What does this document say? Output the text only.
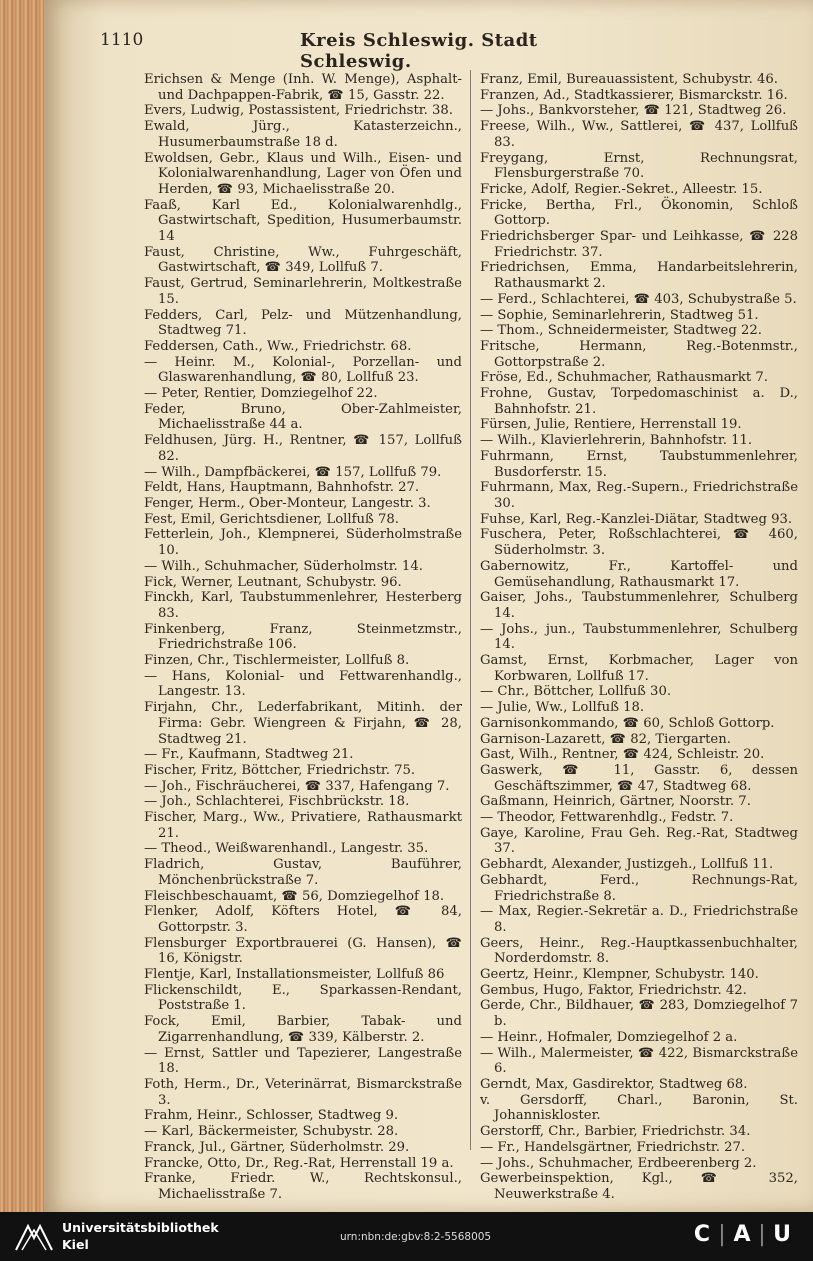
1110	Kreis Schleswig. Stadt Schleswig.

Erichsen & Menge (Inh. W. Menge), Asphalt- und Dachpappen-Fabrik, ☎ 15, Gasstr. 22.

Evers, Ludwig, Postassistent, Friedrichstr. 38.

Ewald, Jürg., Katasterzeichn., Husumerbaumstraße 18 d.

Ewoldsen, Gebr., Klaus und Wilh., Eisen- und Kolonialwarenhandlung, Lager von Öfen und Herden, ☎ 93, Michaelisstraße 20.

Faaß, Karl Ed., Kolonialwarenhdlg., Gastwirtschaft, Spedition, Husumerbaumstr. 14

Faust, Christine, Ww., Fuhrgeschäft, Gastwirtschaft, ☎ 349, Lollfuß 7.

Faust, Gertrud, Seminarlehrerin, Moltkestraße 15.

Fedders, Carl, Pelz- und Mützenhandlung, Stadtweg 71.

Feddersen, Cath., Ww., Friedrichstr. 68.

— Heinr. M., Kolonial-, Porzellan- und Glaswarenhandlung, ☎ 80, Lollfuß 23.

— Peter, Rentier, Domziegelhof 22.

Feder, Bruno, Ober-Zahlmeister, Michaelisstraße 44 a.

Feldhusen, Jürg. H., Rentner, ☎ 157, Lollfuß 82.

— Wilh., Dampfbäckerei, ☎ 157, Lollfuß 79.

Feldt, Hans, Hauptmann, Bahnhofstr. 27.

Fenger, Herm., Ober-Monteur, Langestr. 3.

Fest, Emil, Gerichtsdiener, Lollfuß 78.

Fetterlein, Joh., Klempnerei, Süderholmstraße 10.

— Wilh., Schuhmacher, Süderholmstr. 14.

Fick, Werner, Leutnant, Schubystr. 96.

Finckh, Karl, Taubstummenlehrer, Hesterberg 83.

Finkenberg, Franz, Steinmetzmstr., Friedrichstraße 106.

Finzen, Chr., Tischlermeister, Lollfuß 8.

— Hans, Kolonial- und Fettwarenhandlg., Langestr. 13.

Firjahn, Chr., Lederfabrikant, Mitinh. der Firma: Gebr. Wiengreen & Firjahn, ☎ 28, Stadtweg 21.

— Fr., Kaufmann, Stadtweg 21.

Fischer, Fritz, Böttcher, Friedrichstr. 75.

— Joh., Fischräucherei, ☎ 337, Hafengang 7.

— Joh., Schlachterei, Fischbrückstr. 18.

Fischer, Marg., Ww., Privatiere, Rathausmarkt 21.

— Theod., Weißwarenhandl., Langestr. 35.

Fladrich, Gustav, Bauführer, Mönchenbrückstraße 7.

Fleischbeschauamt, ☎ 56, Domziegelhof 18.

Flenker, Adolf, Köfters Hotel, ☎ 84, Gottorpstr. 3.

Flensburger Exportbrauerei (G. Hansen), ☎ 16, Königstr.

Flentje, Karl, Installationsmeister, Lollfuß 86

Flickenschildt, E., Sparkassen-Rendant, Poststraße 1.

Fock, Emil, Barbier, Tabak- und Zigarrenhandlung, ☎ 339, Kälberstr. 2.

— Ernst, Sattler und Tapezierer, Langestraße 18.

Foth, Herm., Dr., Veterinärrat, Bismarckstraße 3.

Frahm, Heinr., Schlosser, Stadtweg 9.

— Karl, Bäckermeister, Schubystr. 28.

Franck, Jul., Gärtner, Süderholmstr. 29.

Francke, Otto, Dr., Reg.-Rat, Herrenstall 19 a.

Franke, Friedr. W., Rechtskonsul., Michaelisstraße 7.

Franz, Emil, Bureauassistent, Schubystr. 46.

Franzen, Ad., Stadtkassierer, Bismarckstr. 16.

— Johs., Bankvorsteher, ☎ 121, Stadtweg 26.

Freese, Wilh., Ww., Sattlerei, ☎ 437, Lollfuß 83.

Freygang, Ernst, Rechnungsrat, Flensburgerstraße 70.

Fricke, Adolf, Regier.-Sekret., Alleestr. 15.

Fricke, Bertha, Frl., Ökonomin, Schloß Gottorp.

Friedrichsberger Spar- und Leihkasse, ☎ 228 Friedrichstr. 37.

Friedrichsen, Emma, Handarbeitslehrerin, Rathausmarkt 2.

— Ferd., Schlachterei, ☎ 403, Schubystraße 5.

— Sophie, Seminarlehrerin, Stadtweg 51.

— Thom., Schneidermeister, Stadtweg 22.

Fritsche, Hermann, Reg.-Botenmstr., Gottorpstraße 2.

Fröse, Ed., Schuhmacher, Rathausmarkt 7.

Frohne, Gustav, Torpedomaschinist a. D., Bahnhofstr. 21.

Fürsen, Julie, Rentiere, Herrenstall 19.

— Wilh., Klavierlehrerin, Bahnhofstr. 11.

Fuhrmann, Ernst, Taubstummenlehrer, Busdorferstr. 15.

Fuhrmann, Max, Reg.-Supern., Friedrichstraße 30.

Fuhse, Karl, Reg.-Kanzlei-Diätar, Stadtweg 93.

Fuschera, Peter, Roßschlachterei, ☎ 460, Süderholmstr. 3.

Gabernowitz, Fr., Kartoffel- und Gemüsehandlung, Rathausmarkt 17.

Gaiser, Johs., Taubstummenlehrer, Schulberg 14.

— Johs., jun., Taubstummenlehrer, Schulberg 14.

Gamst, Ernst, Korbmacher, Lager von Korbwaren, Lollfuß 17.

— Chr., Böttcher, Lollfuß 30.

— Julie, Ww., Lollfuß 18.

Garnisonkommando, ☎ 60, Schloß Gottorp.

Garnison-Lazarett, ☎ 82, Tiergarten.

Gast, Wilh., Rentner, ☎ 424, Schleistr. 20.

Gaswerk, ☎ 11, Gasstr. 6, dessen Geschäftszimmer, ☎ 47, Stadtweg 68.

Gaßmann, Heinrich, Gärtner, Noorstr. 7.

— Theodor, Fettwarenhdlg., Fedstr. 7.

Gaye, Karoline, Frau Geh. Reg.-Rat, Stadtweg 37.

Gebhardt, Alexander, Justizgeh., Lollfuß 11.

Gebhardt, Ferd., Rechnungs-Rat, Friedrichstraße 8.

— Max, Regier.-Sekretär a. D., Friedrichstraße 8.

Geers, Heinr., Reg.-Hauptkassenbuchhalter, Norderdomstr. 8.

Geertz, Heinr., Klempner, Schubystr. 140.

Gembus, Hugo, Faktor, Friedrichstr. 42.

Gerde, Chr., Bildhauer, ☎ 283, Domziegelhof 7 b.

— Heinr., Hofmaler, Domziegelhof 2 a.

— Wilh., Malermeister, ☎ 422, Bismarckstraße 6.

Gerndt, Max, Gasdirektor, Stadtweg 68.

v. Gersdorff, Charl., Baronin, St. Johanniskloster.

Gerstorff, Chr., Barbier, Friedrichstr. 34.

— Fr., Handelsgärtner, Friedrichstr. 27.

— Johs., Schuhmacher, Erdbeerenberg 2.

Gewerbeinspektion, Kgl., ☎ 352, Neuwerkstraße 4.

Universitätsbibliothek
Kiel	urn:nbn:de:gbv:8:2-5568005	C | A | U
